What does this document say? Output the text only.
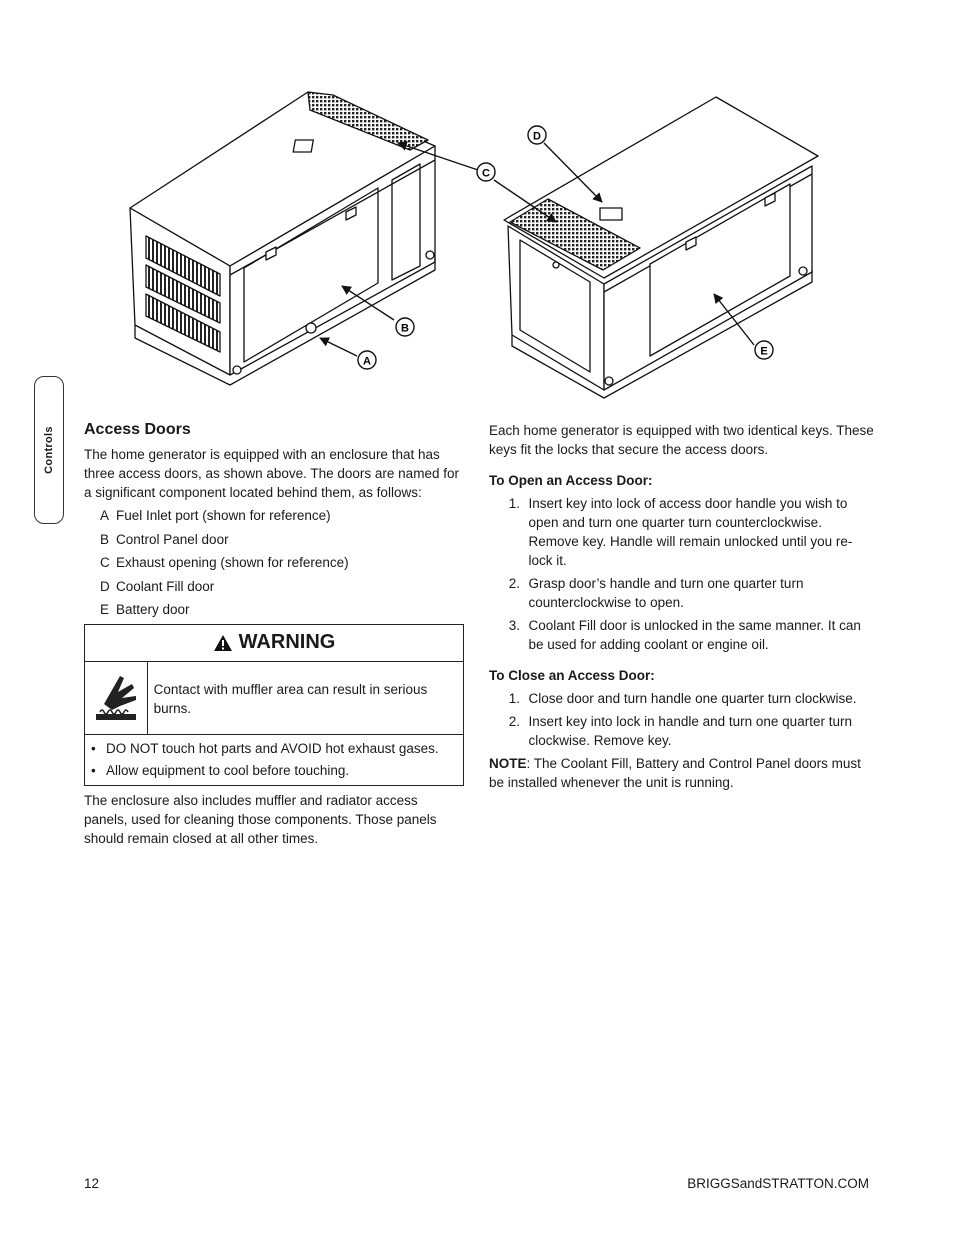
A
B
C
D
E
Controls Access Doors

The home generator is equipped with an enclosure that has three access doors, as shown above. The doors are named for a significant component located behind them, as follows:

A Fuel Inlet port (shown for reference)
B Control Panel door
C Exhaust opening (shown for reference)
D Coolant Fill door
E Battery door
WARNING
Contact with muffler area can result in serious burns.
• DO NOT touch hot parts and AVOID hot exhaust gases.
• Allow equipment to cool before touching.

The enclosure also includes muffler and radiator access panels, used for cleaning those components. Those panels should remain closed at all other times.

Each home generator is equipped with two identical keys. These keys fit the locks that secure the access doors.

To Open an Access Door:
1.
Insert key into lock of access door handle you wish to open and turn one quarter turn counterclockwise. Remove key. Handle will remain unlocked until you re-lock it.
2.
Grasp door’s handle and turn one quarter turn counterclockwise to open.
3.
Coolant Fill door is unlocked in the same manner. It can be used for adding coolant or engine oil.
To Close an Access Door:
1.
Close door and turn handle one quarter turn clockwise.
2.
Insert key into lock in handle and turn one quarter turn clockwise. Remove key.

NOTE: The Coolant Fill, Battery and Control Panel doors must be installed whenever the unit is running.

12	BRIGGSandSTRATTON.COM
